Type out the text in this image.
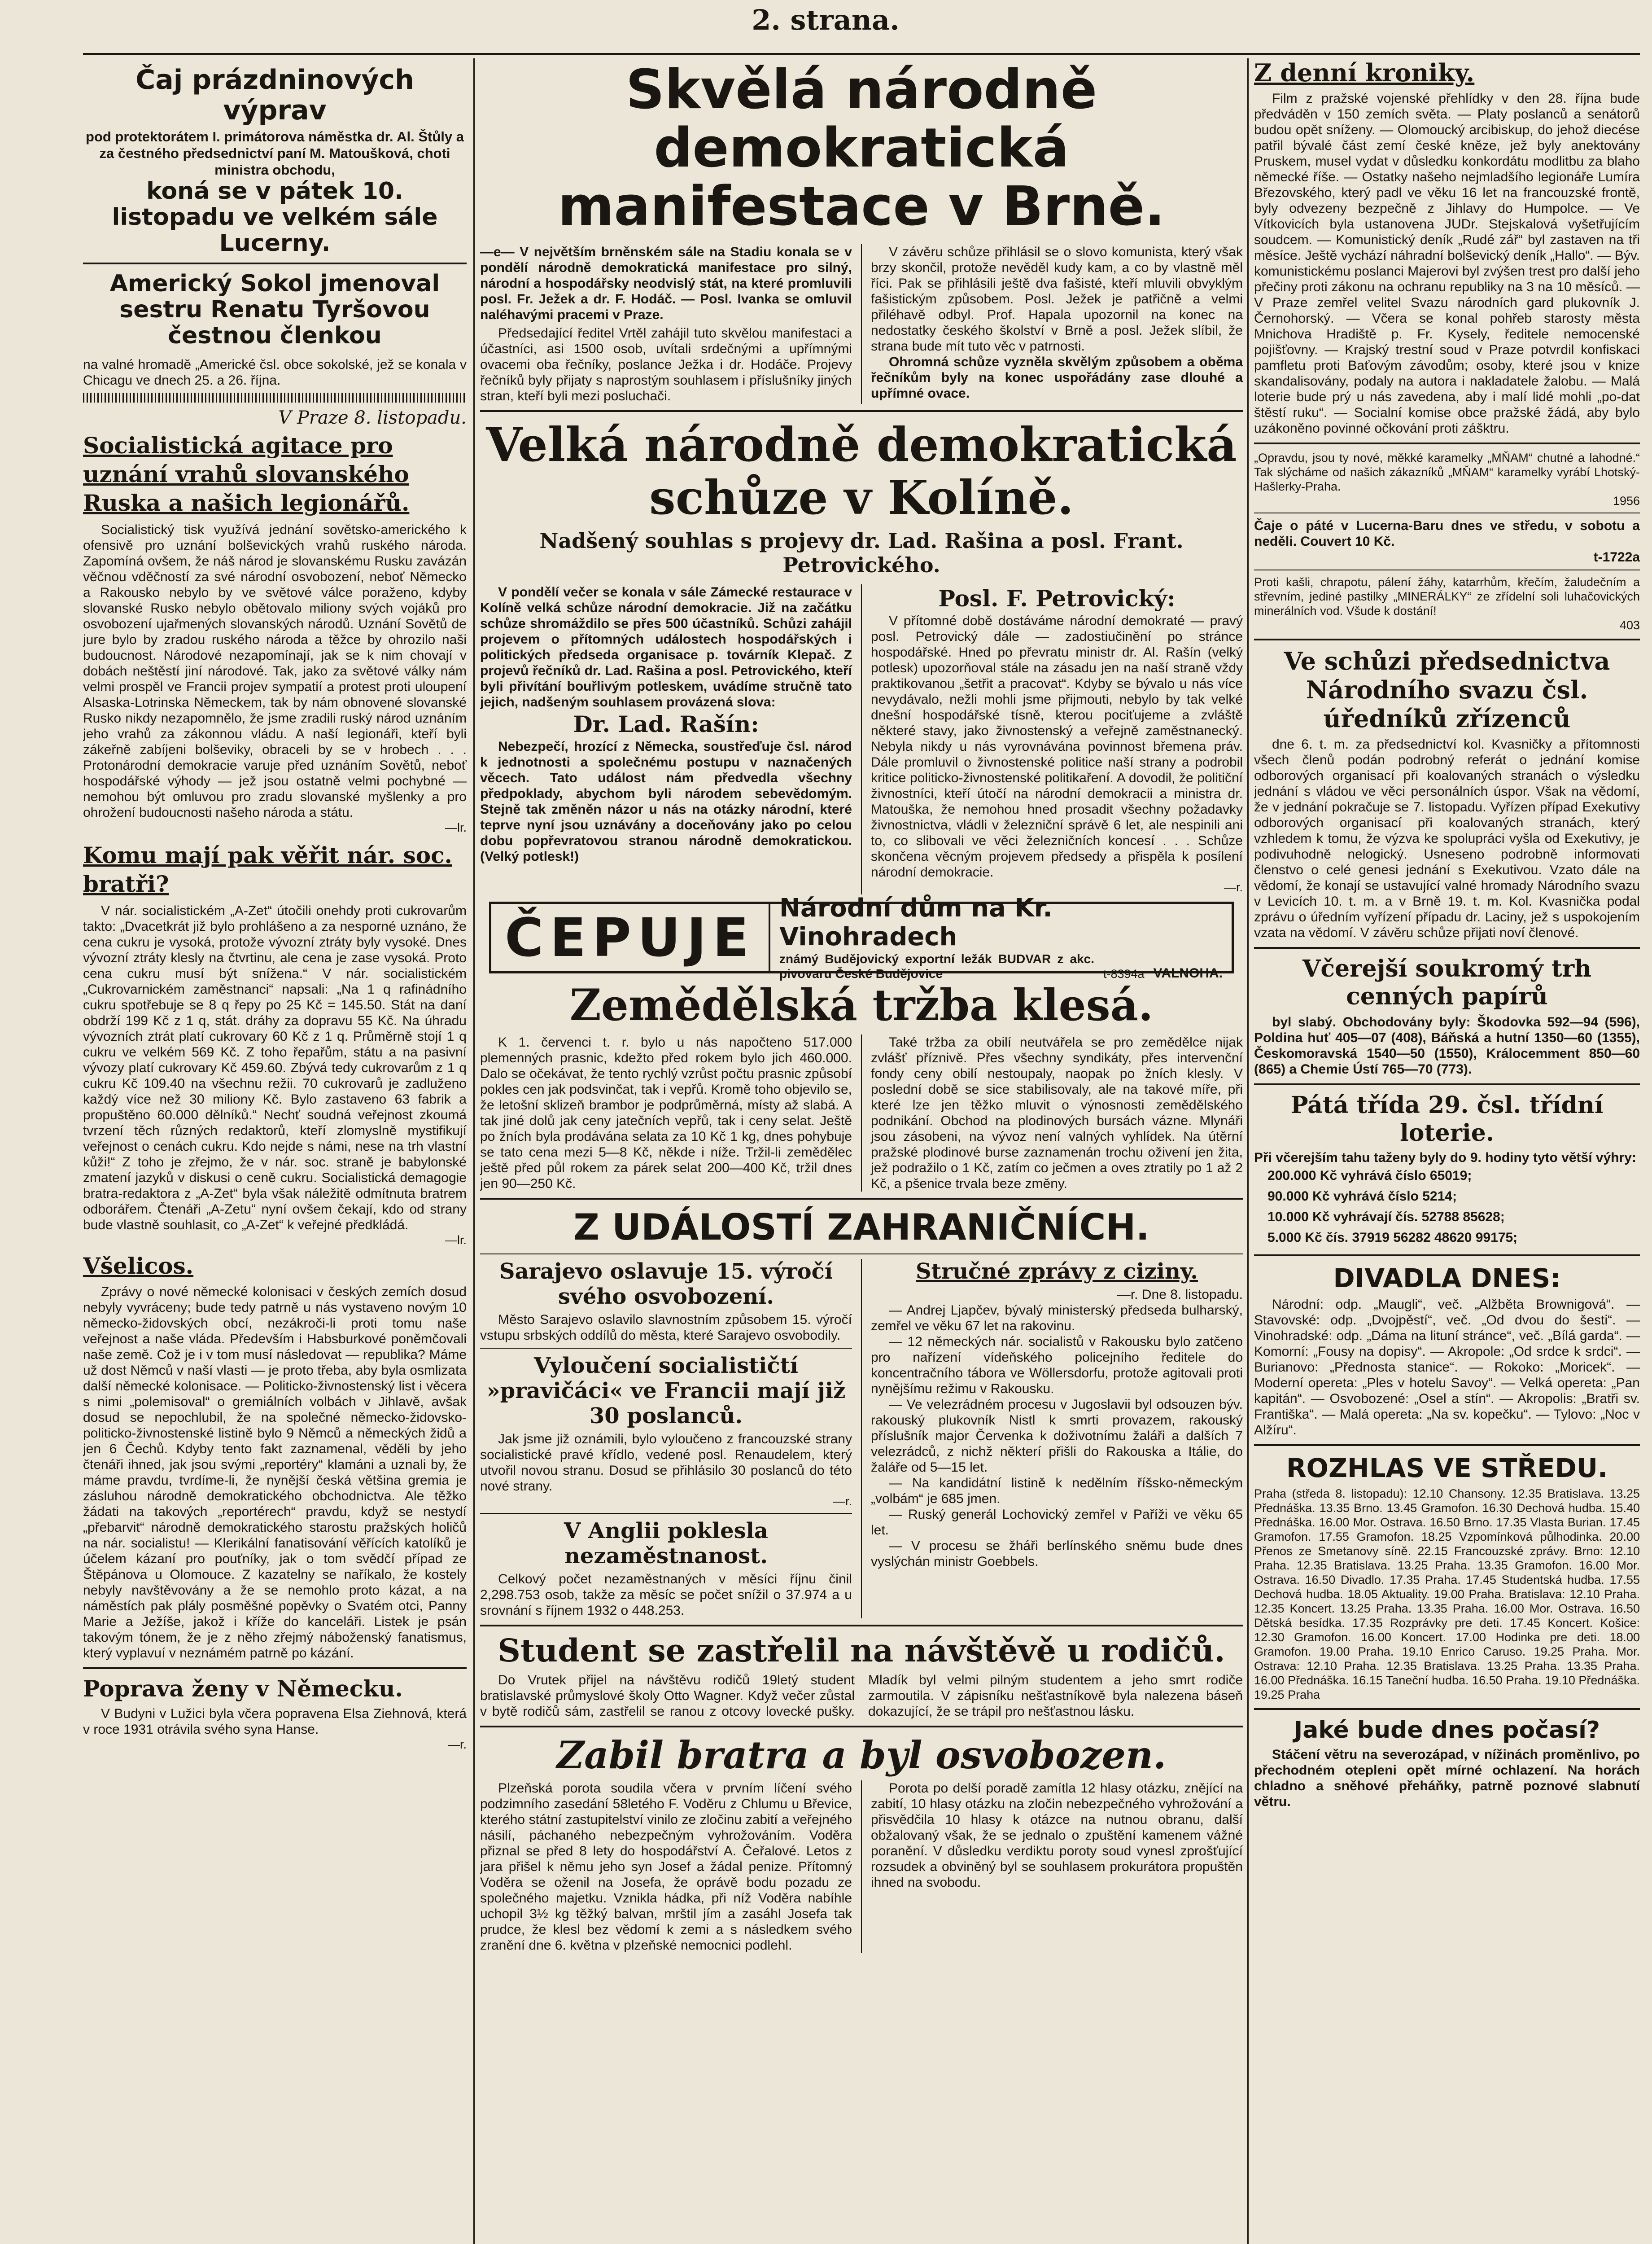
2. strana.
Čaj prázdninových výprav
pod protektorátem I. primátorova náměstka dr. Al. Štůly a za čestného předsednictví paní M. Matoušková, choti ministra obchodu,
koná se v pátek 10. listopadu ve velkém sále Lucerny.
Americký Sokol jmenoval sestru Renatu Tyršovou čestnou členkou
na valné hromadě „Americké čsl. obce sokolské, jež se konala v Chicagu ve dnech 25. a 26. října.
V Praze 8. listopadu.
Socialistická agitace pro uznání vrahů slovanského Ruska a našich legionářů.
Socialistický tisk využívá jednání sovětsko-amerického k ofensivě pro uznání bolševických vrahů ruského národa. Zapomíná ovšem, že náš národ je slovanskému Rusku zavázán věčnou vděčností za své národní osvobození, neboť Německo a Rakousko nebylo by ve světové válce poraženo, kdyby slovanské Rusko nebylo obětovalo miliony svých vojáků pro osvobození ujařmených slovanských národů. Uznání Sovětů de jure bylo by zradou ruského národa a těžce by ohrozilo naši budoucnost. Národové nezapomínají, jak se k nim chovají v dobách neštěstí jiní národové. Tak, jako za světové války nám velmi prospěl ve Francii projev sympatií a protest proti uloupení Alsaska-Lotrinska Německem, tak by nám obnovené slovanské Rusko nikdy nezapomnělo, že jsme zradili ruský národ uznáním jeho vrahů za zákonnou vládu. A naší legionáři, kteří byli zákeřně zabíjeni bolševiky, obraceli by se v hrobech . . . Protonárodní demokracie varuje před uznáním Sovětů, neboť hospodářské výhody — jež jsou ostatně velmi pochybné — nemohou být omluvou pro zradu slovanské myšlenky a pro ohrožení budoucnosti našeho národa a státu.
—lr.
Komu mají pak věřit nár. soc. bratři?
V nár. socialistickém „A-Zet“ útočili onehdy proti cukrovarům takto: „Dvacetkrát již bylo prohlášeno a za nesporné uznáno, že cena cukru je vysoká, protože vývozní ztráty byly vysoké. Dnes vývozní ztráty klesly na čtvrtinu, ale cena je zase vysoká. Proto cena cukru musí být snížena.“ V nár. socialistickém „Cukrovarnickém zaměstnanci“ napsali: „Na 1 q rafinádního cukru spotřebuje se 8 q řepy po 25 Kč = 145.50. Stát na daní obdrží 199 Kč z 1 q, stát. dráhy za dopravu 55 Kč. Na úhradu vývozních ztrát platí cukrovary 60 Kč z 1 q. Průměrně stojí 1 q cukru ve velkém 569 Kč. Z toho řepařům, státu a na pasivní vývozy platí cukrovary Kč 459.60. Zbývá tedy cukrovarům z 1 q cukru Kč 109.40 na všechnu režii. 70 cukrovarů je zadluženo každý více než 30 miliony Kč. Bylo zastaveno 63 fabrik a propuštěno 60.000 dělníků.“ Nechť soudná veřejnost zkoumá tvrzení těch různých redaktorů, kteří zlomyslně mystifikují veřejnost o cenách cukru. Kdo nejde s námi, nese na trh vlastní kůži!“ Z toho je zřejmo, že v nár. soc. straně je babylonské zmatení jazyků v diskusi o ceně cukru. Socialistická demagogie bratra-redaktora z „A-Zet“ byla však náležitě odmítnuta bratrem odborářem. Čtenáři „A-Zetu“ nyní ovšem čekají, kdo od strany bude vlastně souhlasit, co „A-Zet“ k veřejné předkládá.
—lr.
Všelicos.
Zprávy o nové německé kolonisaci v českých zemích dosud nebyly vyvráceny; bude tedy patrně u nás vystaveno novým 10 německo-židovských obcí, nezákroči-li proti tomu naše veřejnost a naše vláda. Především i Habsburkové poněmčovali naše země. Což je i v tom musí následovat — republika? Máme už dost Němců v naší vlasti — je proto třeba, aby byla osmlizata další německé kolonisace. — Politicko-živnostenský list i věcera s nimi „polemisoval“ o gremiálních volbách v Jihlavě, avšak dosud se nepochlubil, že na společné německo-židovsko-politicko-živnostenské listině bylo 9 Němců a německých židů a jen 6 Čechů. Kdyby tento fakt zaznamenal, věděli by jeho čtenáři ihned, jak jsou svými „reportéry“ klamáni a uznali by, že máme pravdu, tvrdíme-li, že nynější česká většina gremia je zásluhou národně demokratického obchodnictva. Ale těžko žádati na takových „reportérech“ pravdu, když se nestydí „přebarvit“ národně demokratického starostu pražských holičů na nár. socialistu! — Klerikální fanatisování věřících katolíků je účelem kázaní pro pouťníky, jak o tom svědčí případ ze Štěpánova u Olomouce. Z kazatelny se naříkalo, že kostely nebyly navštěvovány a že se nemohlo proto kázat, a na náměstích pak plály posměšné popěvky o Svatém otci, Panny Marie a Ježíše, jakož i kříže do kanceláři. Listek je psán takovým tónem, že je z něho zřejmý náboženský fanatismus, který vyplavuí v neznámém patrně po kázání.
Poprava ženy v Německu.
V Budyni v Lužici byla včera popravena Elsa Ziehnová, která v roce 1931 otrávila svého syna Hanse.
—r.
Skvělá národně demokratická manifestace v Brně.
—e— V největším brněnském sále na Stadiu konala se v pondělí národně demokratická manifestace pro silný, národní a hospodářsky neodvislý stát, na které promluvili posl. Fr. Ježek a dr. F. Hodáč. — Posl. Ivanka se omluvil naléhavými pracemi v Praze.
Předsedající ředitel Vrtěl zahájil tuto skvělou manifestaci a účastníci, asi 1500 osob, uvítali srdečnými a upřímnými ovacemi oba řečníky, poslance Ježka i dr. Hodáče. Projevy řečníků byly přijaty s naprostým souhlasem i příslušníky jiných stran, kteří byli mezi posluchači.
V závěru schůze přihlásil se o slovo komunista, který však brzy skončil, protože nevěděl kudy kam, a co by vlastně měl říci. Pak se přihlásili ještě dva fašisté, kteří mluvili obvyklým fašistickým způsobem. Posl. Ježek je patřičně a velmi přiléhavě odbyl. Prof. Hapala upozornil na konec na nedostatky českého školství v Brně a posl. Ježek slíbil, že strana bude mít tuto věc v patrnosti.
Ohromná schůze vyzněla skvělým způsobem a oběma řečníkům byly na konec uspořádány zase dlouhé a upřímné ovace.
Velká národně demokratická schůze v Kolíně.
Nadšený souhlas s projevy dr. Lad. Rašina a posl. Frant. Petrovického.
V pondělí večer se konala v sále Zámecké restaurace v Kolíně velká schůze národní demokracie. Již na začátku schůze shromáždilo se přes 500 účastníků. Schůzi zahájil projevem o přítomných událostech hospodářských i politických předseda organisace p. továrník Klepač. Z projevů řečníků dr. Lad. Rašina a posl. Petrovického, kteří byli přivítání bouřlivým potleskem, uvádíme stručně tato jejich, nadšeným souhlasem provázená slova:
Dr. Lad. Rašín:
Nebezpečí, hrozící z Německa, soustřeďuje čsl. národ k jednotnosti a společnému postupu v naznačených věcech. Tato událost nám předvedla všechny předpoklady, abychom byli národem sebevědomým. Stejně tak změněn názor u nás na otázky národní, které teprve nyní jsou uznávány a doceňovány jako po celou dobu popřevratovou stranou národně demokratickou. (Velký potlesk!)
Posl. F. Petrovický:
V přítomné době dostáváme národní demokraté — pravý posl. Petrovický dále — zadostiučinění po stránce hospodářské. Hned po převratu ministr dr. Al. Rašín (velký potlesk) upozorňoval stále na zásadu jen na naší straně vždy praktikovanou „šetřit a pracovat“. Kdyby se bývalo u nás více nevydávalo, nežli mohli jsme přijmouti, nebylo by tak velké dnešní hospodářské tísně, kterou pociťujeme a zvláště některé stavy, jako živnostenský a veřejně zaměstnanecký. Nebyla nikdy u nás vyrovnávána povinnost břemena práv. Dále promluvil o živnostenské politice naší strany a podrobil kritice politicko-živnostenské politikaření. A dovodil, že političní živnostníci, kteří útočí na národní demokracii a ministra dr. Matouška, že nemohou hned prosadit všechny požadavky živnostnictva, vládli v železniční správě 6 let, ale nespinili ani to, co slibovali ve věci železničních koncesí . . . Schůze skončena věcným projevem předsedy a přispěla k posílení národní demokracie.
—r.
ČEPUJE Národní dům na Kr. Vinohradech
známý Budějovický exportní ležák BUDVAR z akc. pivovaru České Budějovice	t-8394a VALNOHA.
Zemědělská tržba klesá.
K 1. červenci t. r. bylo u nás napočteno 517.000 plemenných prasnic, kdežto před rokem bylo jich 460.000. Dalo se očekávat, že tento rychlý vzrůst počtu prasnic způsobí pokles cen jak podsvinčat, tak i vepřů. Kromě toho objevilo se, že letošní sklizeň brambor je podprůměrná, místy až slabá. A tak jiné dolů jak ceny jatečních vepřů, tak i ceny selat. Ještě po žních byla prodávána selata za 10 Kč 1 kg, dnes pohybuje se tato cena mezi 5—8 Kč, někde i níže. Tržil-li zemědělec ještě před půl rokem za párek selat 200—400 Kč, tržil dnes jen 90—250 Kč.
Také tržba za obilí neutvářela se pro zemědělce nijak zvlášť příznivě. Přes všechny syndikáty, přes intervenční fondy ceny obilí nestoupaly, naopak po žních klesly. V poslední době se sice stabilisovaly, ale na takové míře, při které lze jen těžko mluvit o výnosnosti zemědělského podnikání. Obchod na plodinových bursách vázne. Mlynáři jsou zásobeni, na vývoz není valných vyhlídek. Na útěrní pražské plodinové burse zaznamenán trochu oživení jen žita, jež podražilo o 1 Kč, zatím co ječmen a oves ztratily po 1 až 2 Kč, a pšenice trvala beze změny.
Z UDÁLOSTÍ ZAHRANIČNÍCH.
Sarajevo oslavuje 15. výročí svého osvobození.
Město Sarajevo oslavilo slavnostním způsobem 15. výročí vstupu srbských oddílů do města, které Sarajevo osvobodily.
Vyloučení socialističtí »pravičáci« ve Francii mají již 30 poslanců.
Jak jsme již oznámili, bylo vyloučeno z francouzské strany socialistické pravé křídlo, vedené posl. Renaudelem, který utvořil novou stranu. Dosud se přihlásilo 30 poslanců do této nové strany.
—r.
V Anglii poklesla nezaměstnanost.
Celkový počet nezaměstnaných v měsíci říjnu činil 2,298.753 osob, takže za měsíc se počet snížil o 37.974 a u srovnání s říjnem 1932 o 448.253.
Stručné zprávy z ciziny.
—r. Dne 8. listopadu.
— Andrej Ljapčev, bývalý ministerský předseda bulharský, zemřel ve věku 67 let na rakovinu.
— 12 německých nár. socialistů v Rakousku bylo zatčeno pro nařízení vídeňského policejního ředitele do koncentračního tábora ve Wöllersdorfu, protože agitovali proti nynějšímu režimu v Rakousku.
— Ve velezrádném procesu v Jugoslavii byl odsouzen býv. rakouský plukovník Nistl k smrti provazem, rakouský příslušník major Červenka k doživotnímu žaláři a dalších 7 velezrádců, z nichž některí přišli do Rakouska a Itálie, do žaláře od 5—15 let.
— Na kandidátní listině k nedělním říšsko-německým „volbám“ je 685 jmen.
— Ruský generál Lochovický zemřel v Paříži ve věku 65 let.
— V procesu se žháři berlínského sněmu bude dnes vyslýchán ministr Goebbels.
Student se zastřelil na návštěvě u rodičů.
Do Vrutek přijel na návštěvu rodičů 19letý student bratislavské průmyslové školy Otto Wagner. Když večer zůstal v bytě rodičů sám, zastřelil se ranou z otcovy lovecké pušky. Mladík byl velmi pilným studentem a jeho smrt rodiče zarmoutila. V zápisníku nešťastníkově byla nalezena báseň dokazující, že se trápil pro nešťastnou lásku.
Zabil bratra a byl osvobozen.
Plzeňská porota soudila včera v prvním líčení svého podzimního zasedání 58letého F. Voděru z Chlumu u Břevice, kterého státní zastupitelství vinilo ze zločinu zabití a veřejného násilí, páchaného nebezpečným vyhrožováním. Voděra přiznal se před 8 lety do hospodářství A. Čeřalové. Letos z jara přišel k němu jeho syn Josef a žádal penize. Přítomný Voděra se oženil na Josefa, že oprávě bodu pozadu ze společného majetku. Vznikla hádka, při níž Voděra nabíhle uchopil 3½ kg těžký balvan, mrštil jím a zasáhl Josefa tak prudce, že klesl bez vědomí k zemi a s následkem svého zranění dne 6. května v plzeňské nemocnici podlehl.
Porota po delší poradě zamítla 12 hlasy otázku, znějící na zabití, 10 hlasy otázku na zločin nebezpečného vyhrožování a přisvědčila 10 hlasy k otázce na nutnou obranu, další obžalovaný však, že se jednalo o zpuštění kamenem vážné poranění. V důsledku verdiktu poroty soud vynesl zprošťující rozsudek a obviněný byl se souhlasem prokurátora propuštěn ihned na svobodu.
Z denní kroniky.
Film z pražské vojenské přehlídky v den 28. října bude předváděn v 150 zemích světa. — Platy poslanců a senátorů budou opět sníženy. — Olomoucký arcibiskup, do jehož diecése patřil bývalé část zemí české kněze, jež byly anektovány Pruskem, musel vydat v důsledku konkordátu modlitbu za blaho německé říše. — Ostatky našeho nejmladšího legionáře Lumíra Březovského, který padl ve věku 16 let na francouzské frontě, byly odvezeny bezpečně z Jihlavy do Humpolce. — Ve Vítkovicích byla ustanovena JUDr. Stejskalová vyšetřujícím soudcem. — Komunistický deník „Rudé zář“ byl zastaven na tři měsíce. Ještě vychází náhradní bolševický deník „Hallo“. — Býv. komunistickému poslanci Majerovi byl zvýšen trest pro další jeho přečiny proti zákonu na ochranu republiky na 3 na 10 měsíců. — V Praze zemřel velitel Svazu národních gard plukovník J. Černohorský. — Včera se konal pohřeb starosty města Mnichova Hradiště p. Fr. Kysely, ředitele nemocenské pojišťovny. — Krajský trestní soud v Praze potvrdil konfiskaci pamfletu proti Baťovým závodům; osoby, které jsou v knize skandalisovány, podaly na autora i nakladatele žalobu. — Malá loterie bude prý u nás zavedena, aby i malí lidé mohli „po-dat štěstí ruku“. — Socialní komise obce pražské žádá, aby bylo uzákoněno povinné očkování proti zášktru.
„Opravdu, jsou ty nové, měkké karamelky „MŇAM“ chutné a lahodné.“ Tak slýcháme od našich zákazníků „MŇAM“ karamelky vyrábí Lhotský-Hašlerky-Praha.
1956
Čaje o páté v Lucerna-Baru dnes ve středu, v sobotu a neděli. Couvert 10 Kč.
t-1722a
Proti kašli, chrapotu, pálení žáhy, katarrhům, křečím, žaludečním a střevním, jediné pastilky „MINERÁLKY“ ze zřídelní soli luhačovických minerálních vod. Všude k dostání!
403
Ve schůzi předsednictva Národního svazu čsl. úředníků zřízenců
dne 6. t. m. za předsednictví kol. Kvasničky a přítomnosti všech členů podán podrobný referát o jednání komise odborových organisací při koalovaných stranách o výsledku jednání s vládou ve věci personálních úspor. Však na vědomí, že v jednání pokračuje se 7. listopadu. Vyřízen případ Exekutivy odborových organisací při koalovaných stranách, který vzhledem k tomu, že výzva ke spolupráci vyšla od Exekutivy, je podivuhodně nelogický. Usneseno podrobně informovati členstvo o celé genesi jednání s Exekutivou. Vzato dále na vědomí, že konají se ustavující valné hromady Národního svazu v Levicích 10. t. m. a v Brně 19. t. m. Kol. Kvasnička podal zprávu o úředním vyřízení případu dr. Laciny, jež s uspokojením vzata na vědomí. V závěru schůze přijati noví členové.
Včerejší soukromý trh cenných papírů
byl slabý. Obchodovány byly: Škodovka 592—94 (596), Poldina huť 405—07 (408), Báňská a hutní 1350—60 (1355), Českomoravská 1540—50 (1550), Králocemment 850—60 (865) a Chemie Ústí 765—70 (773).
Pátá třída 29. čsl. třídní loterie.
Při včerejším tahu taženy byly do 9. hodiny tyto větší výhry:
200.000 Kč vyhrává číslo 65019;
90.000 Kč vyhrává číslo 5214;
10.000 Kč vyhrávají čís. 52788 85628;
5.000 Kč čís. 37919 56282 48620 99175;
DIVADLA DNES:
Národní: odp. „Maugli“, več. „Alžběta Brownigová“. — Stavovské: odp. „Dvojpěstí“, več. „Od dvou do šesti“. — Vinohradské: odp. „Dáma na lituní stránce“, več. „Bílá garda“. — Komorní: „Fousy na dopisy“. — Akropole: „Od srdce k srdci“. — Burianovo: „Přednosta stanice“. — Rokoko: „Moricek“. — Moderní operetа: „Ples v hotelu Savoy“. — Velká opereta: „Pan kapitán“. — Osvobozené: „Osel a stín“. — Akropolis: „Bratři sv. Františka“. — Malá operetа: „Na sv. kopečku“. — Tylovo: „Noc v Alžíru“.
ROZHLAS VE STŘEDU.
Praha (středa 8. listopadu): 12.10 Chansony. 12.35 Bratislava. 13.25 Přednáška. 13.35 Brno. 13.45 Gramofon. 16.30 Dechová hudba. 15.40 Přednáška. 16.00 Mor. Ostrava. 16.50 Brno. 17.35 Vlasta Burian. 17.45 Gramofon. 17.55 Gramofon. 18.25 Vzpomínková půlhodinka. 20.00 Přenos ze Smetanovy síně. 22.15 Francouzské zprávy. Brno: 12.10 Praha. 12.35 Bratislava. 13.25 Praha. 13.35 Gramofon. 16.00 Mor. Ostrava. 16.50 Divadlo. 17.35 Praha. 17.45 Studentská hudba. 17.55 Dechová hudba. 18.05 Aktuality. 19.00 Praha. Bratislava: 12.10 Praha. 12.35 Koncert. 13.25 Praha. 13.35 Praha. 16.00 Mor. Ostrava. 16.50 Dětská besídka. 17.35 Rozprávky pre deti. 17.45 Koncert. Košice: 12.30 Gramofon. 16.00 Koncert. 17.00 Hodinka pre deti. 18.00 Gramofon. 19.00 Praha. 19.10 Enrico Caruso. 19.25 Praha. Mor. Ostrava: 12.10 Praha. 12.35 Bratislava. 13.25 Praha. 13.35 Praha. 16.00 Přednáška. 16.15 Taneční hudba. 16.50 Praha. 19.10 Přednáška. 19.25 Praha
Jaké bude dnes počasí?
Stáčení větru na severozápad, v nížinách proměnlivo, po přechodném otepleni opět mírné ochlazení. Na horách chladno a sněhové přeháňky, patrně poznové slabnutí větru.
